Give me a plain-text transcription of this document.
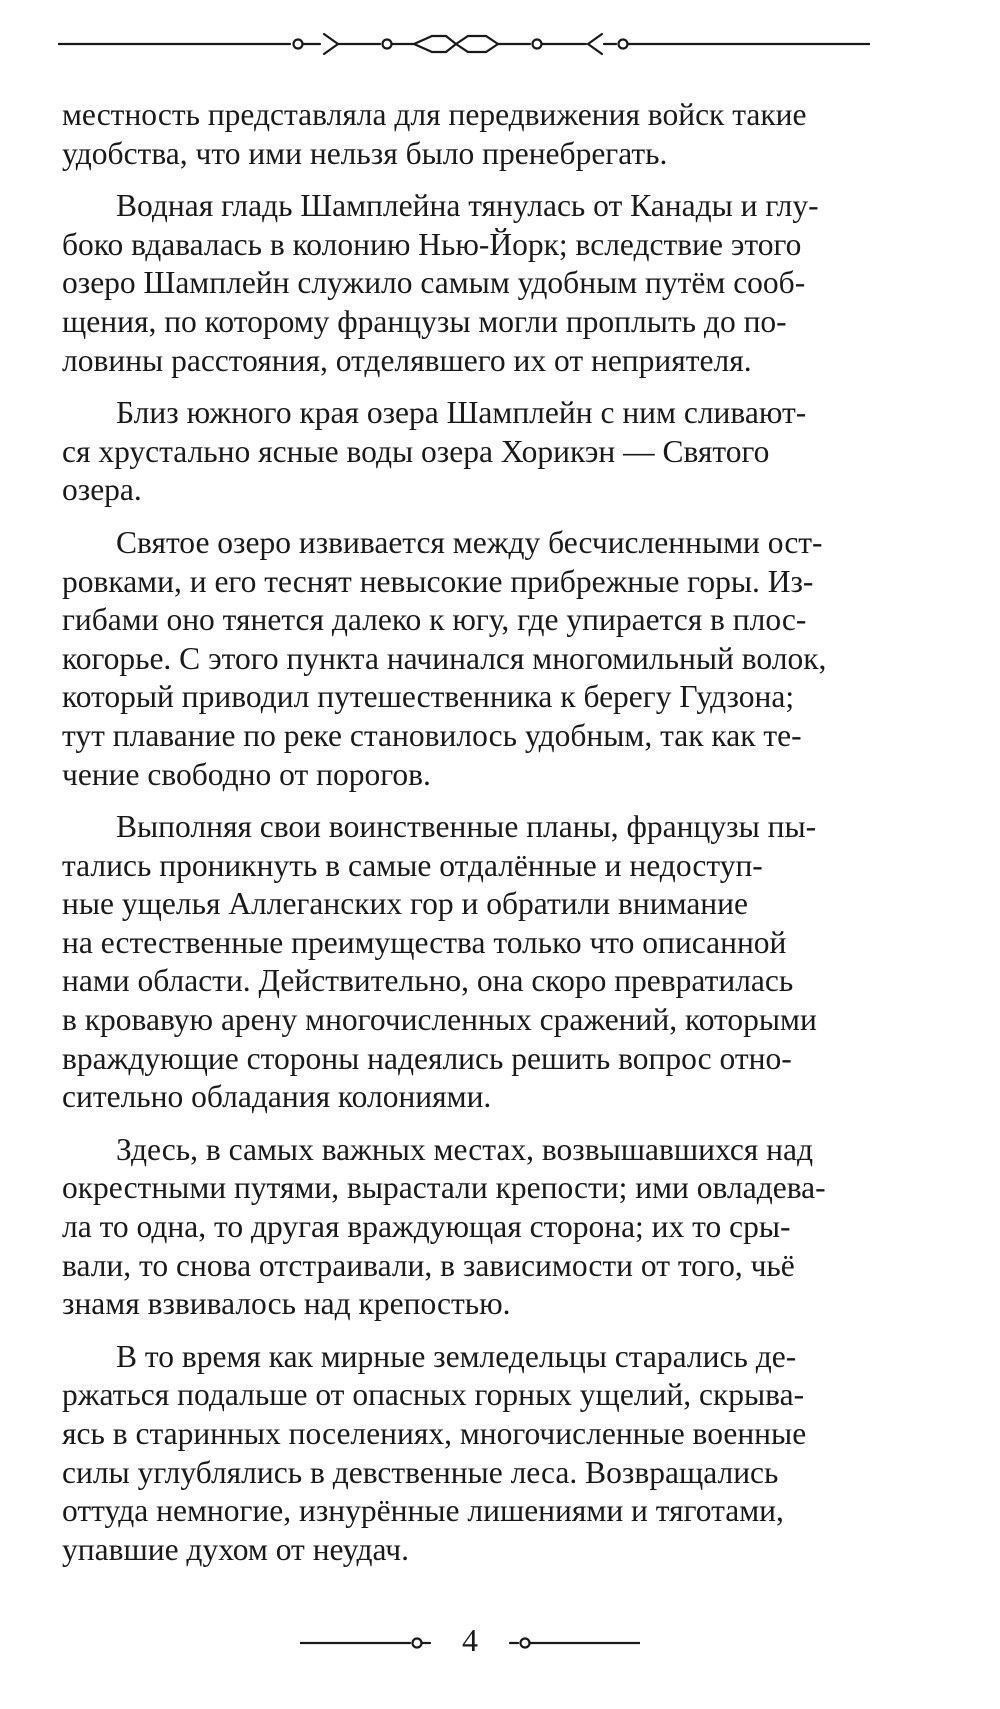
местность представляла для передвижения войск такие
удобства, что ими нельзя было пренебрегать.

Водная гладь Шамплейна тянулась от Канады и глу-
боко вдавалась в колонию Нью-Йорк; вследствие этого
озеро Шамплейн служило самым удобным путём сооб-
щения, по которому французы могли проплыть до по-
ловины расстояния, отделявшего их от неприятеля.

Близ южного края озера Шамплейн с ним сливают-
ся хрустально ясные воды озера Хорикэн — Святого
озера.

Святое озеро извивается между бесчисленными ост-
ровками, и его теснят невысокие прибрежные горы. Из-
гибами оно тянется далеко к югу, где упирается в плос-
когорье. С этого пункта начинался многомильный волок,
который приводил путешественника к берегу Гудзона;
тут плавание по реке становилось удобным, так как те-
чение свободно от порогов.

Выполняя свои воинственные планы, французы пы-
тались проникнуть в самые отдалённые и недоступ-
ные ущелья Аллеганских гор и обратили внимание
на естественные преимущества только что описанной
нами области. Действительно, она скоро превратилась
в кровавую арену многочисленных сражений, которыми
враждующие стороны надеялись решить вопрос отно-
сительно обладания колониями.

Здесь, в самых важных местах, возвышавшихся над
окрестными путями, вырастали крепости; ими овладева-
ла то одна, то другая враждующая сторона; их то сры-
вали, то снова отстраивали, в зависимости от того, чьё
знамя взвивалось над крепостью.

В то время как мирные земледельцы старались де-
ржаться подальше от опасных горных ущелий, скрыва-
ясь в старинных поселениях, многочисленные военные
силы углублялись в девственные леса. Возвращались
оттуда немногие, изнурённые лишениями и тяготами,
упавшие духом от неудач.

4
